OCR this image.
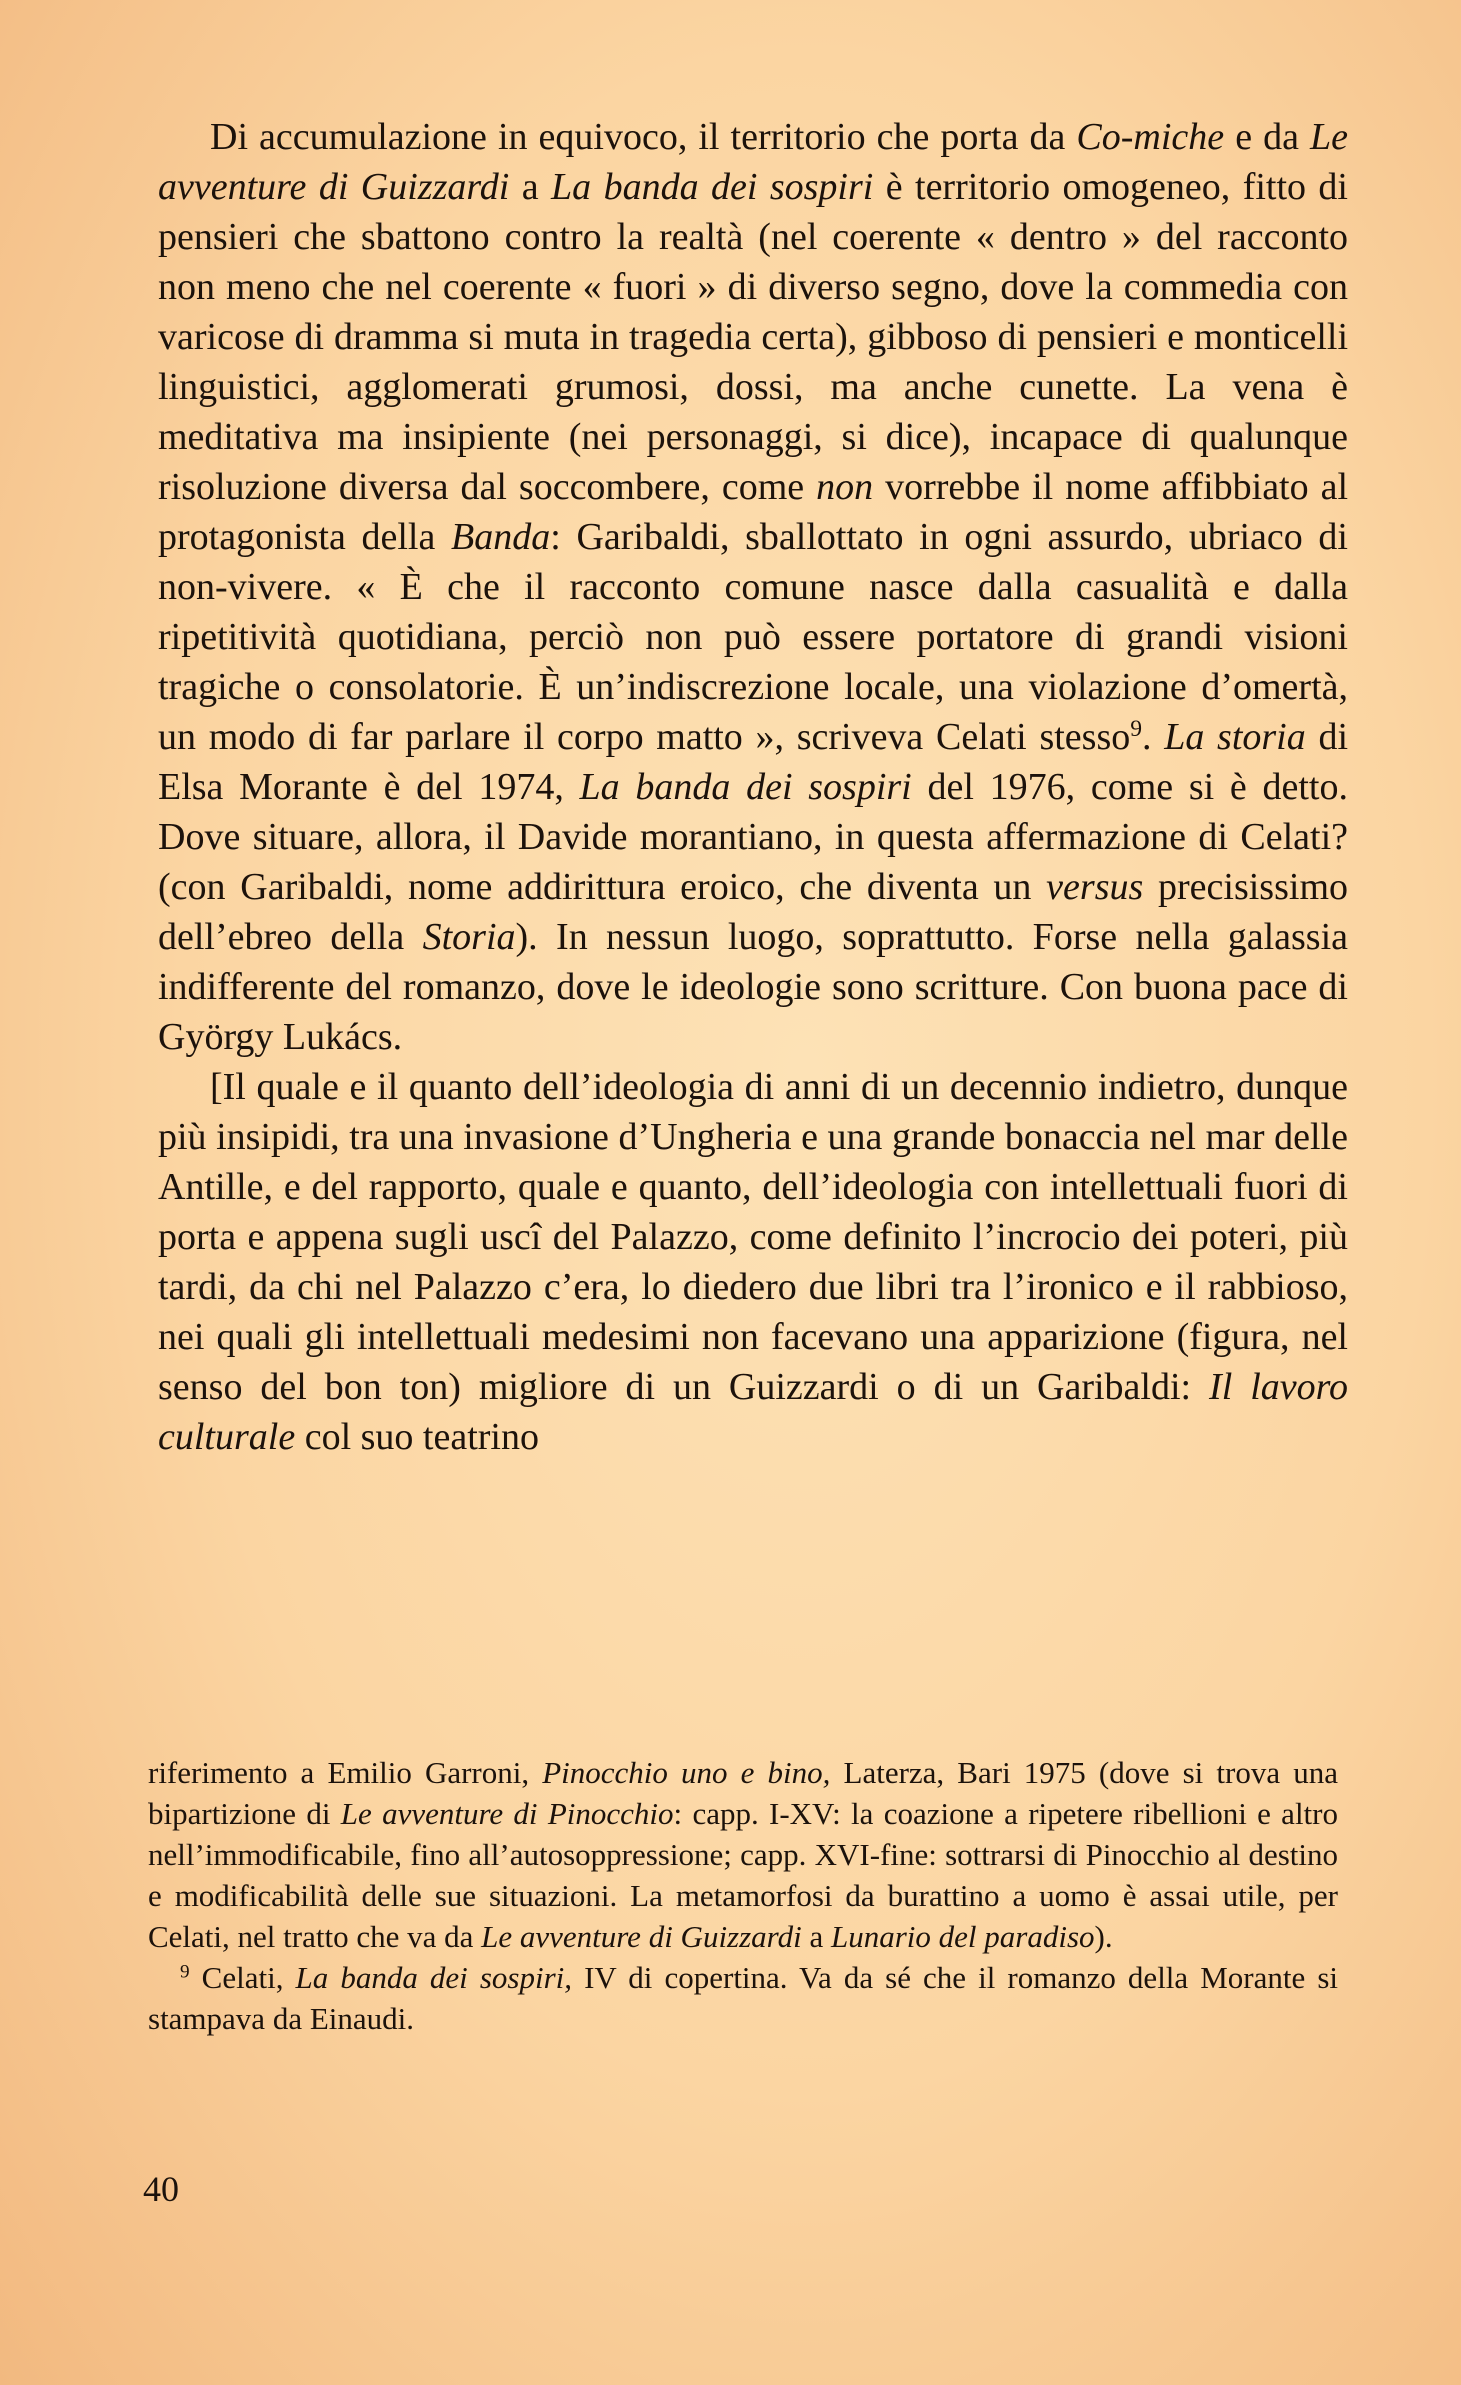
Di accumulazione in equivoco, il territorio che porta da Co-miche e da Le avventure di Guizzardi a La banda dei sospiri è territorio omogeneo, fitto di pensieri che sbattono contro la realtà (nel coerente « dentro » del racconto non meno che nel coerente « fuori » di diverso segno, dove la commedia con varicose di dramma si muta in tragedia certa), gibboso di pensieri e monticelli linguistici, agglomerati grumosi, dossi, ma anche cunette. La vena è meditativa ma insipiente (nei personaggi, si dice), incapace di qualunque risoluzione diversa dal soccombere, come non vorrebbe il nome affibbiato al protagonista della Banda: Garibaldi, sballottato in ogni assurdo, ubriaco di non-vivere. « È che il racconto comune nasce dalla casualità e dalla ripetitività quotidiana, perciò non può essere portatore di grandi visioni tragiche o consolatorie. È un’indiscrezione locale, una violazione d’omertà, un modo di far parlare il corpo matto », scriveva Celati stesso$^9$. La storia di Elsa Morante è del 1974, La banda dei sospiri del 1976, come si è detto. Dove situare, allora, il Davide morantiano, in questa affermazione di Celati? (con Garibaldi, nome addirittura eroico, che diventa un versus precisissimo dell’ebreo della Storia). In nessun luogo, soprattutto. Forse nella galassia indifferente del romanzo, dove le ideologie sono scritture. Con buona pace di György Lukács.

[Il quale e il quanto dell’ideologia di anni di un decennio indietro, dunque più insipidi, tra una invasione d’Ungheria e una grande bonaccia nel mar delle Antille, e del rapporto, quale e quanto, dell’ideologia con intellettuali fuori di porta e appena sugli uscî del Palazzo, come definito l’incrocio dei poteri, più tardi, da chi nel Palazzo c’era, lo diedero due libri tra l’ironico e il rabbioso, nei quali gli intellettuali medesimi non facevano una apparizione (figura, nel senso del bon ton) migliore di un Guizzardi o di un Garibaldi: Il lavoro culturale col suo teatrino

riferimento a Emilio Garroni, Pinocchio uno e bino, Laterza, Bari 1975 (dove si trova una bipartizione di Le avventure di Pinocchio: capp. I-XV: la coazione a ripetere ribellioni e altro nell’immodificabile, fino all’autosoppressione; capp. XVI-fine: sottrarsi di Pinocchio al destino e modificabilità delle sue situazioni. La metamorfosi da burattino a uomo è assai utile, per Celati, nel tratto che va da Le avventure di Guizzardi a Lunario del paradiso).

$^9$ Celati, La banda dei sospiri, IV di copertina. Va da sé che il romanzo della Morante si stampava da Einaudi.

40
